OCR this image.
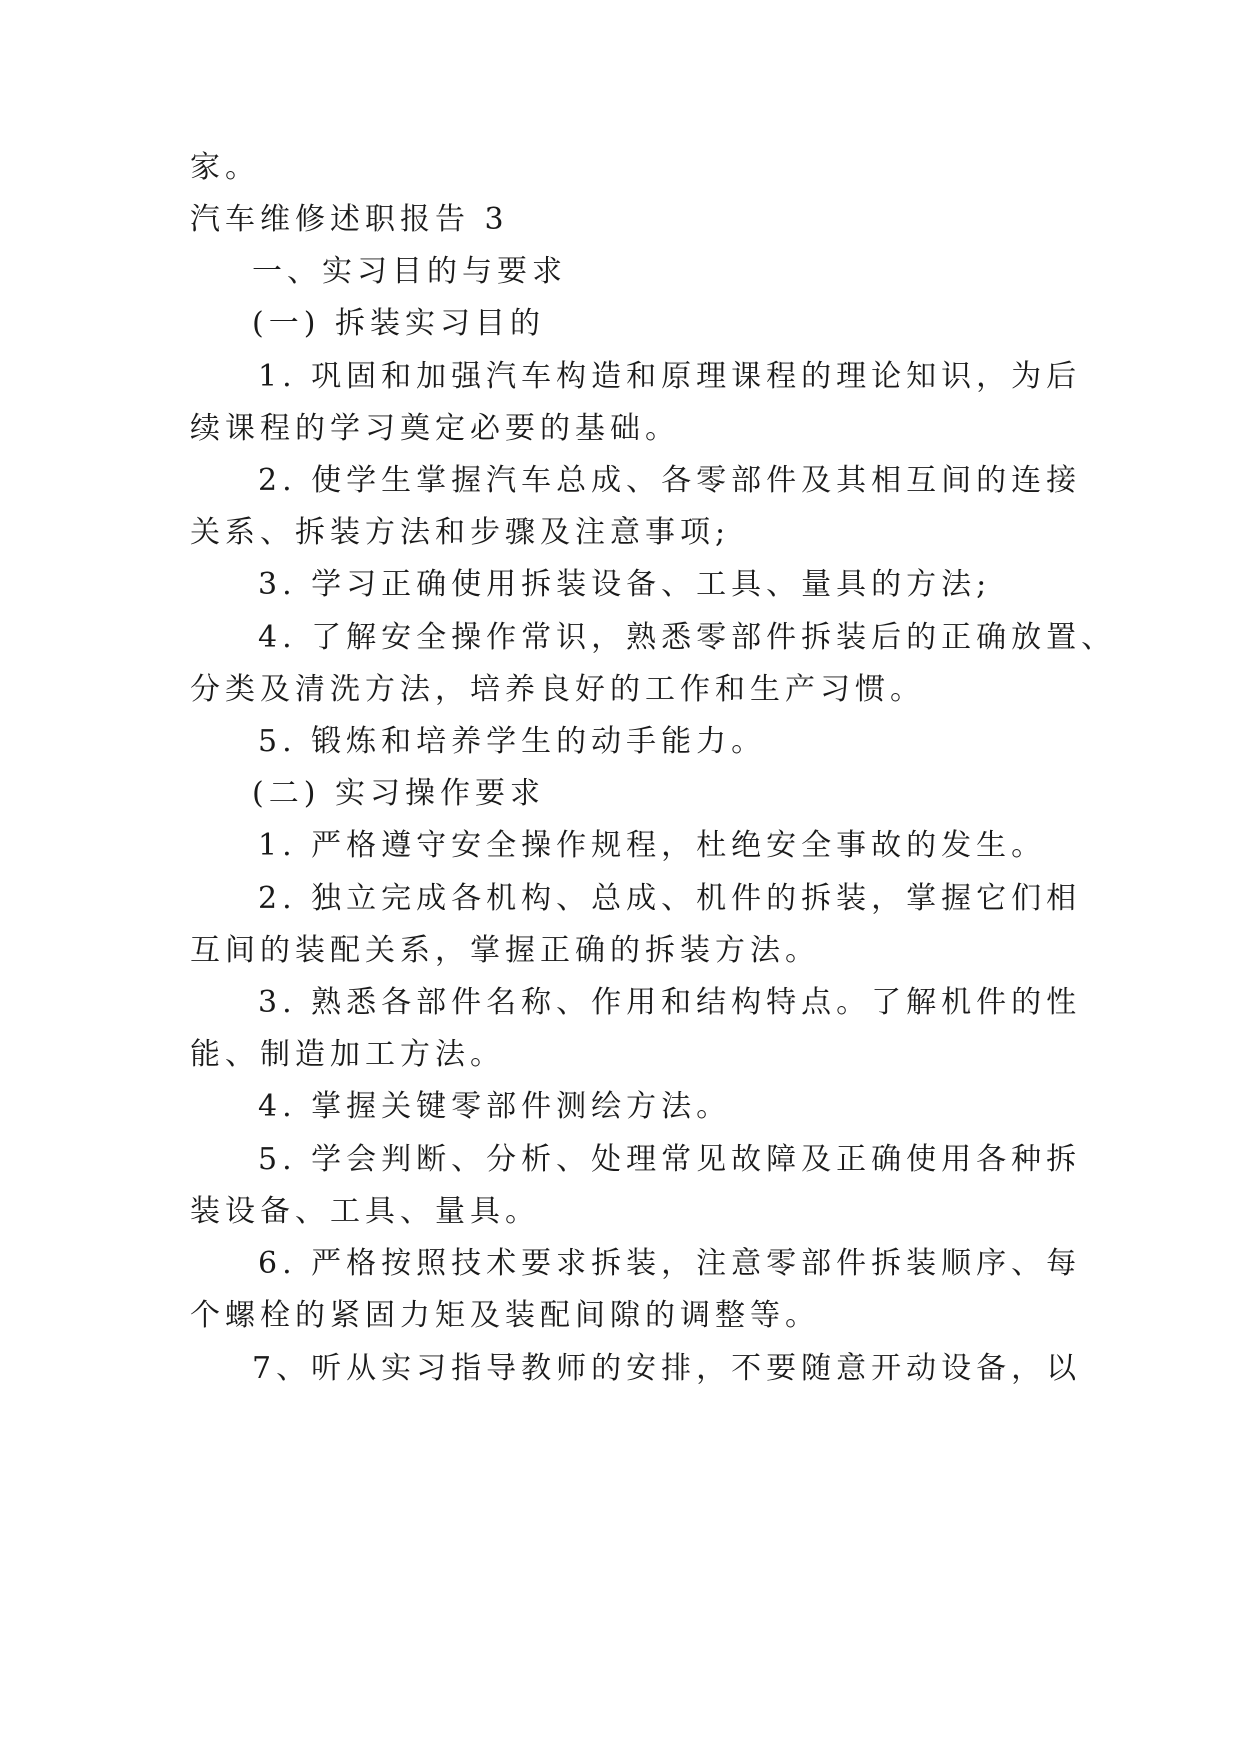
家。

汽车维修述职报告 3

一、实习目的与要求

(一) 拆装实习目的

1. 巩固和加强汽车构造和原理课程的理论知识，为后

续课程的学习奠定必要的基础。

2. 使学生掌握汽车总成、各零部件及其相互间的连接

关系、拆装方法和步骤及注意事项;

3. 学习正确使用拆装设备、工具、量具的方法;

4. 了解安全操作常识，熟悉零部件拆装后的正确放置、

分类及清洗方法，培养良好的工作和生产习惯。

5. 锻炼和培养学生的动手能力。

(二) 实习操作要求

1. 严格遵守安全操作规程，杜绝安全事故的发生。

2. 独立完成各机构、总成、机件的拆装，掌握它们相

互间的装配关系，掌握正确的拆装方法。

3. 熟悉各部件名称、作用和结构特点。了解机件的性

能、制造加工方法。

4. 掌握关键零部件测绘方法。

5. 学会判断、分析、处理常见故障及正确使用各种拆

装设备、工具、量具。

6. 严格按照技术要求拆装，注意零部件拆装顺序、每

个螺栓的紧固力矩及装配间隙的调整等。

7、听从实习指导教师的安排，不要随意开动设备，以
